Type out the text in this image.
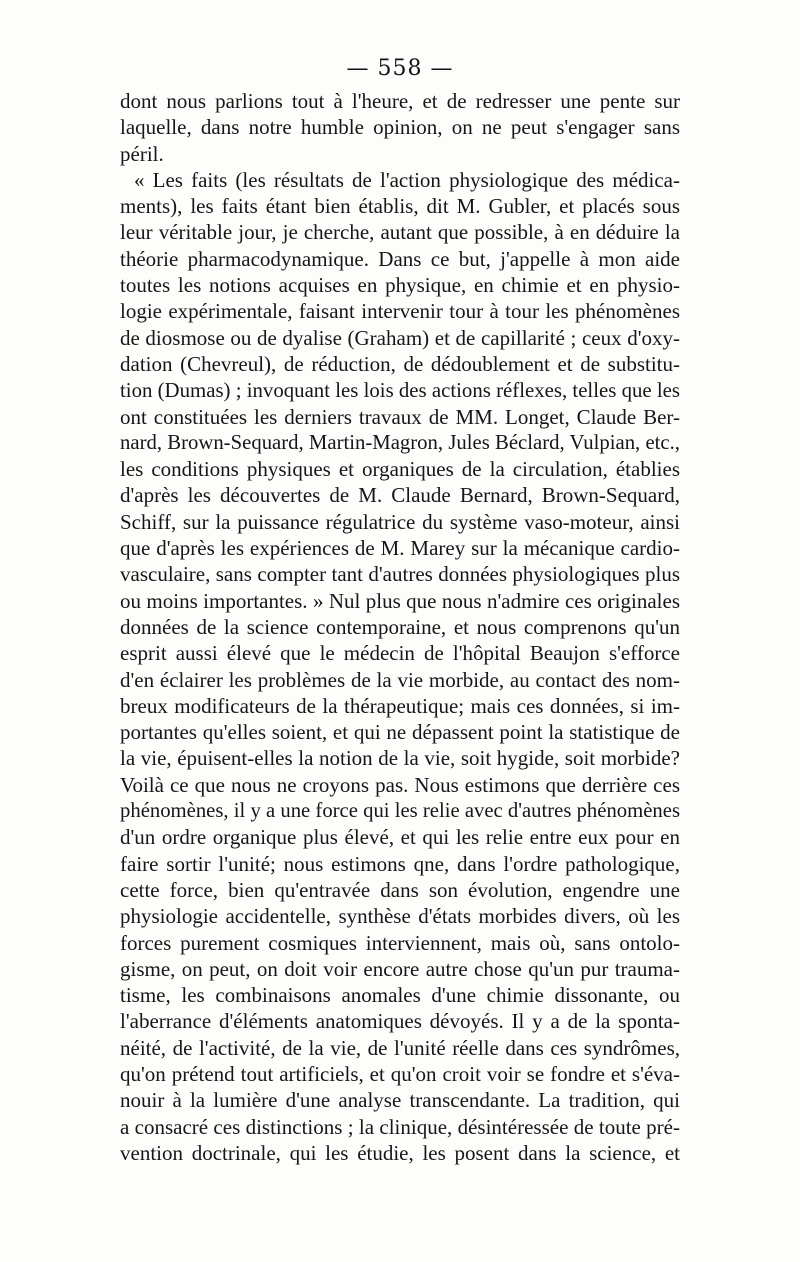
— 558 —
dont nous parlions tout à l'heure, et de redresser une pente sur
laquelle, dans notre humble opinion, on ne peut s'engager sans
péril.
« Les faits (les résultats de l'action physiologique des médica-
ments), les faits étant bien établis, dit M. Gubler, et placés sous
leur véritable jour, je cherche, autant que possible, à en déduire la
théorie pharmacodynamique. Dans ce but, j'appelle à mon aide
toutes les notions acquises en physique, en chimie et en physio-
logie expérimentale, faisant intervenir tour à tour les phénomènes
de diosmose ou de dyalise (Graham) et de capillarité ; ceux d'oxy-
dation (Chevreul), de réduction, de dédoublement et de substitu-
tion (Dumas) ; invoquant les lois des actions réflexes, telles que les
ont constituées les derniers travaux de MM. Longet, Claude Ber-
nard, Brown-Sequard, Martin-Magron, Jules Béclard, Vulpian, etc.,
les conditions physiques et organiques de la circulation, établies
d'après les découvertes de M. Claude Bernard, Brown-Sequard,
Schiff, sur la puissance régulatrice du système vaso-moteur, ainsi
que d'après les expériences de M. Marey sur la mécanique cardio-
vasculaire, sans compter tant d'autres données physiologiques plus
ou moins importantes. » Nul plus que nous n'admire ces originales
données de la science contemporaine, et nous comprenons qu'un
esprit aussi élevé que le médecin de l'hôpital Beaujon s'efforce
d'en éclairer les problèmes de la vie morbide, au contact des nom-
breux modificateurs de la thérapeutique; mais ces données, si im-
portantes qu'elles soient, et qui ne dépassent point la statistique de
la vie, épuisent-elles la notion de la vie, soit hygide, soit morbide?
Voilà ce que nous ne croyons pas. Nous estimons que derrière ces
phénomènes, il y a une force qui les relie avec d'autres phénomènes
d'un ordre organique plus élevé, et qui les relie entre eux pour en
faire sortir l'unité; nous estimons qne, dans l'ordre pathologique,
cette force, bien qu'entravée dans son évolution, engendre une
physiologie accidentelle, synthèse d'états morbides divers, où les
forces purement cosmiques interviennent, mais où, sans ontolo-
gisme, on peut, on doit voir encore autre chose qu'un pur trauma-
tisme, les combinaisons anomales d'une chimie dissonante, ou
l'aberrance d'éléments anatomiques dévoyés. Il y a de la sponta-
néité, de l'activité, de la vie, de l'unité réelle dans ces syndrômes,
qu'on prétend tout artificiels, et qu'on croit voir se fondre et s'éva-
nouir à la lumière d'une analyse transcendante. La tradition, qui
a consacré ces distinctions ; la clinique, désintéressée de toute pré-
vention doctrinale, qui les étudie, les posent dans la science, et
